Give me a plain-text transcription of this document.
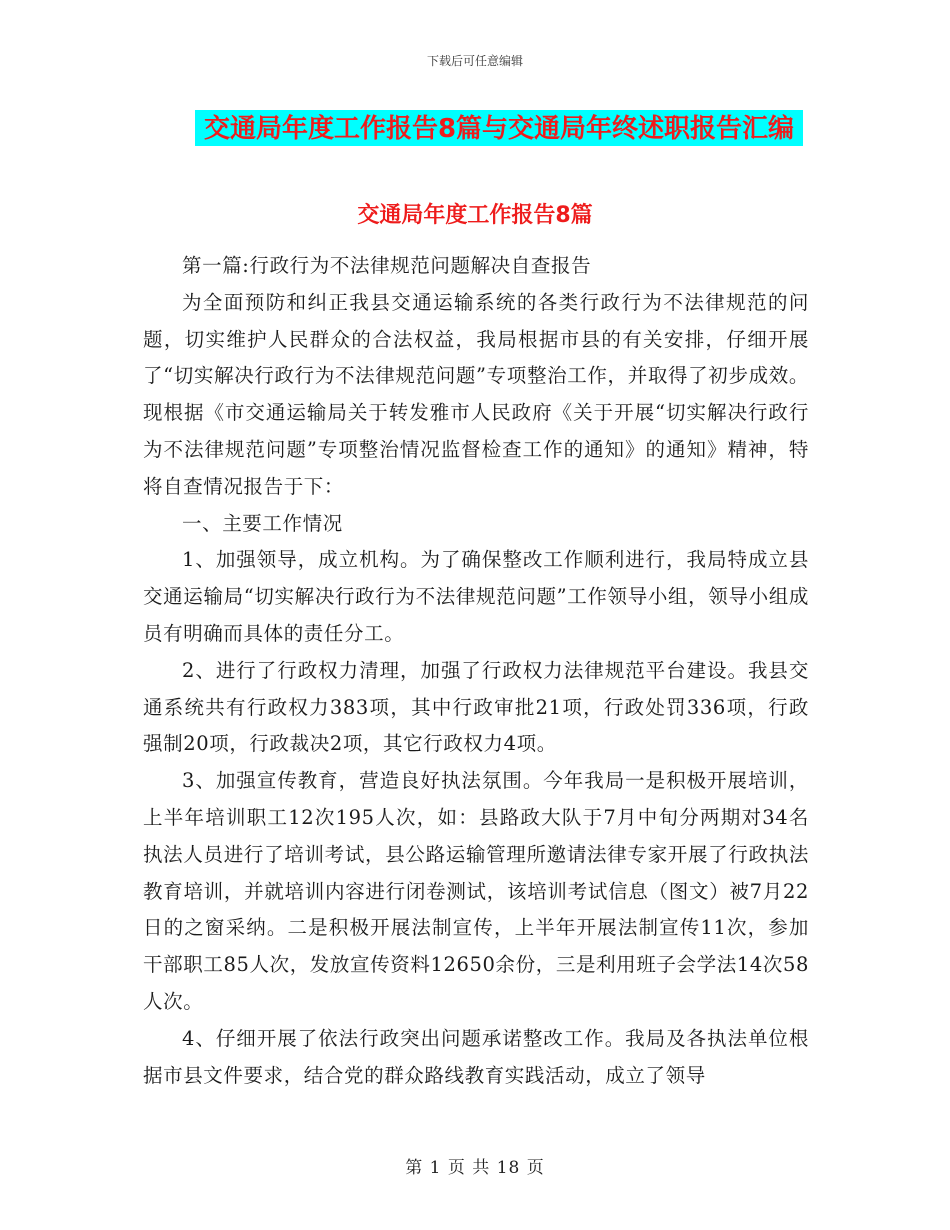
下载后可任意编辑
交通局年度工作报告8篇与交通局年终述职报告汇编
交通局年度工作报告8篇

第一篇:行政行为不法律规范问题解决自查报告

为全面预防和纠正我县交通运输系统的各类行政行为不法律规范的问题，切实维护人民群众的合法权益，我局根据市县的有关安排，仔细开展了“切实解决行政行为不法律规范问题”专项整治工作，并取得了初步成效。现根据《市交通运输局关于转发雅市人民政府《关于开展“切实解决行政行为不法律规范问题”专项整治情况监督检查工作的通知》的通知》精神，特将自查情况报告于下：

一、主要工作情况

1、加强领导，成立机构。为了确保整改工作顺利进行，我局特成立县交通运输局“切实解决行政行为不法律规范问题”工作领导小组，领导小组成员有明确而具体的责任分工。

2、进行了行政权力清理，加强了行政权力法律规范平台建设。我县交通系统共有行政权力383项，其中行政审批21项，行政处罚336项，行政强制20项，行政裁决2项，其它行政权力4项。

3、加强宣传教育，营造良好执法氛围。今年我局一是积极开展培训，上半年培训职工12次195人次，如：县路政大队于7月中旬分两期对34名执法人员进行了培训考试，县公路运输管理所邀请法律专家开展了行政执法教育培训，并就培训内容进行闭卷测试，该培训考试信息（图文）被7月22日的之窗采纳。二是积极开展法制宣传，上半年开展法制宣传11次，参加干部职工85人次，发放宣传资料12650余份，三是利用班子会学法14次58人次。

4、仔细开展了依法行政突出问题承诺整改工作。我局及各执法单位根据市县文件要求，结合党的群众路线教育实践活动，成立了领导

第 1 页 共 18 页
